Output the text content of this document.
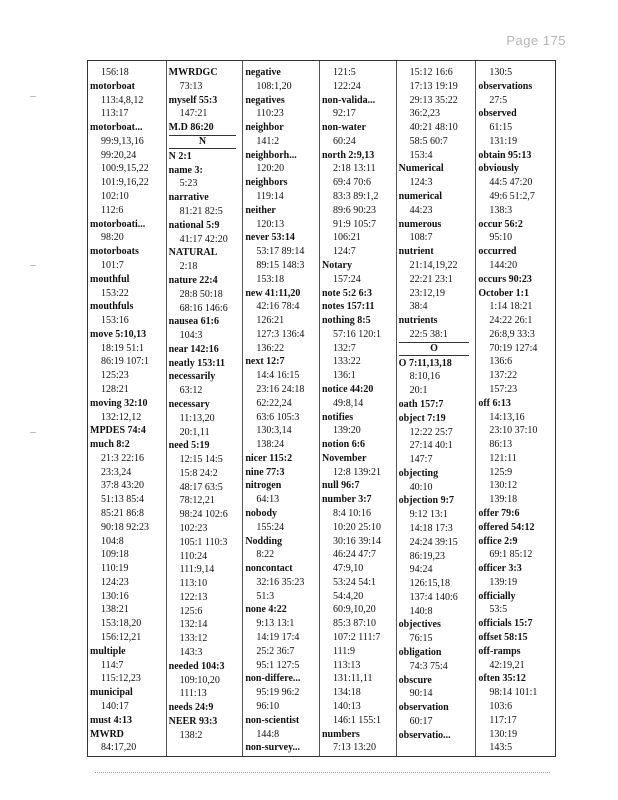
Page 175
156:18
motorboat
113:4,8,12
113:17
motorboat...
99:9,13,16
99:20,24
100:9,15,22
101:9,16,22
102:10
112:6
motorboati...
98:20
motorboats
101:7
mouthful
153:22
mouthfuls
153:16
move 5:10,13
18:19 51:1
86:19 107:1
125:23
128:21
moving 32:10
132:12,12
MPDES 74:4
much 8:2
21:3 22:16
23:3,24
37:8 43:20
51:13 85:4
85:21 86:8
90:18 92:23
104:8
109:18
110:19
124:23
130:16
138:21
153:18,20
156:12,21
multiple
114:7
115:12,23
municipal
140:17
must 4:13
MWRD
84:17,20
MWRDGC
73:13
myself 55:3
147:21
M.D 86:20
N
N 2:1
name 3:
5:23
narrative
81:21 82:5
national 5:9
41:17 42:20
NATURAL
2:18
nature 22:4
28:8 50:18
68:16 146:6
nausea 61:6
104:3
near 142:16
neatly 153:11
necessarily
63:12
necessary
11:13,20
20:1,11
need 5:19
12:15 14:5
15:8 24:2
48:17 63:5
78:12,21
98:24 102:6
102:23
105:1 110:3
110:24
111:9,14
113:10
122:13
125:6
132:14
133:12
143:3
needed 104:3
109:10,20
111:13
needs 24:9
NEER 93:3
138:2
negative
108:1,20
negatives
110:23
neighbor
141:2
neighborh...
120:20
neighbors
119:14
neither
120:13
never 53:14
53:17 89:14
89:15 148:3
153:18
new 41:11,20
42:16 78:4
126:21
127:3 136:4
136:22
next 12:7
14:4 16:15
23:16 24:18
62:22,24
63:6 105:3
130:3,14
138:24
nicer 115:2
nine 77:3
nitrogen
64:13
nobody
155:24
Nodding
8:22
noncontact
32:16 35:23
51:3
none 4:22
9:13 13:1
14:19 17:4
25:2 36:7
95:1 127:5
non-differe...
95:19 96:2
96:10
non-scientist
144:8
non-survey...
121:5
122:24
non-valida...
92:17
non-water
60:24
north 2:9,13
2:18 13:11
69:4 70:6
83:3 89:1,2
89:6 90:23
91:9 105:7
106:21
124:7
Notary
157:24
note 5:2 6:3
notes 157:11
nothing 8:5
57:16 120:1
132:7
133:22
136:1
notice 44:20
49:8,14
notifies
139:20
notion 6:6
November
12:8 139:21
null 96:7
number 3:7
8:4 10:16
10:20 25:10
30:16 39:14
46:24 47:7
47:9,10
53:24 54:1
54:4,20
60:9,10,20
85:3 87:10
107:2 111:7
111:9
113:13
131:11,11
134:18
140:13
146:1 155:1
numbers
7:13 13:20
15:12 16:6
17:13 19:19
29:13 35:22
36:2,23
40:21 48:10
58:5 60:7
153:4
Numerical
124:3
numerical
44:23
numerous
108:7
nutrient
21:14,19,22
22:21 23:1
23:12,19
38:4
nutrients
22:5 38:1
O
O 7:11,13,18
8:10,16
20:1
oath 157:7
object 7:19
12:22 25:7
27:14 40:1
147:7
objecting
40:10
objection 9:7
9:12 13:1
14:18 17:3
24:24 39:15
86:19,23
94:24
126:15,18
137:4 140:6
140:8
objectives
76:15
obligation
74:3 75:4
obscure
90:14
observation
60:17
observatio...
130:5
observations
27:5
observed
61:15
131:19
obtain 95:13
obviously
44:5 47:20
49:6 51:2,7
138:3
occur 56:2
95:10
occurred
144:20
occurs 90:23
October 1:1
1:14 18:21
24:22 26:1
26:8,9 33:3
70:19 127:4
136:6
137:22
157:23
off 6:13
14:13,16
23:10 37:10
86:13
121:11
125:9
130:12
139:18
offer 79:6
offered 54:12
office 2:9
69:1 85:12
officer 3:3
139:19
officially
53:5
officials 15:7
offset 58:15
off-ramps
42:19,21
often 35:12
98:14 101:1
103:6
117:17
130:19
143:5
